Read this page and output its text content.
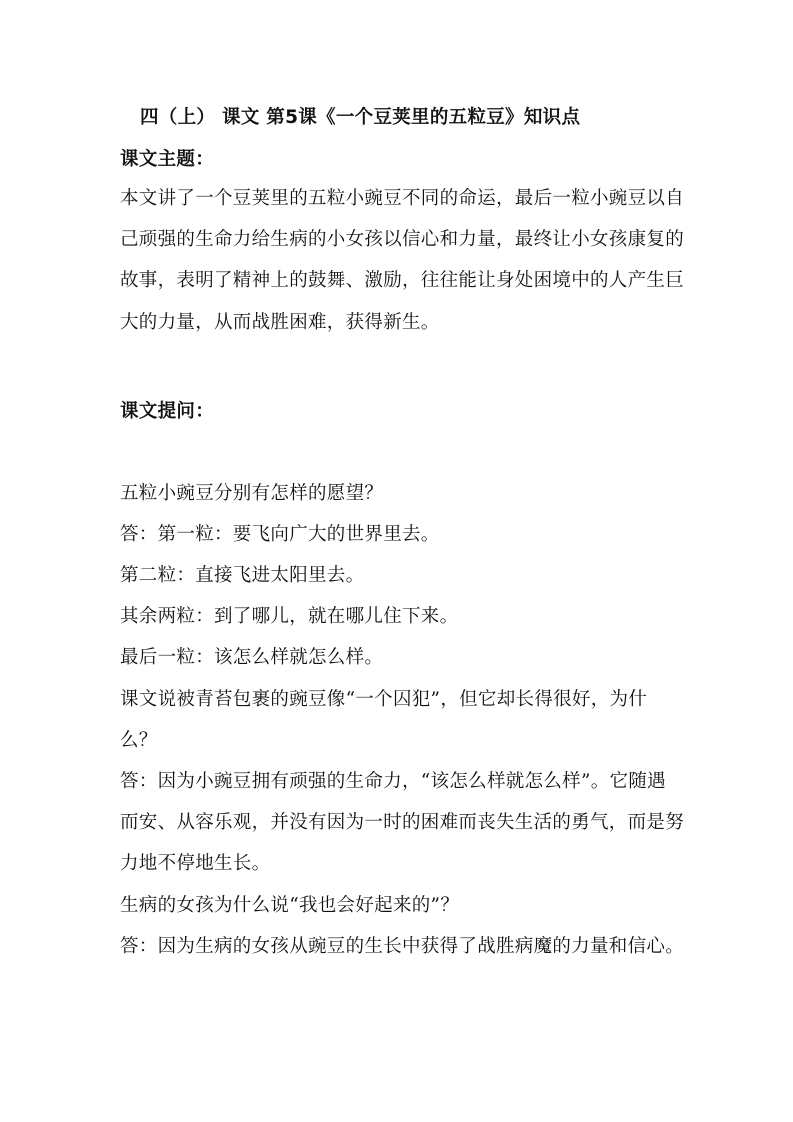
四（上） 课文 第5课《一个豆荚里的五粒豆》知识点
课文主题：
本文讲了一个豆荚里的五粒小豌豆不同的命运，最后一粒小豌豆以自
己顽强的生命力给生病的小女孩以信心和力量，最终让小女孩康复的
故事，表明了精神上的鼓舞、激励，往往能让身处困境中的人产生巨
大的力量，从而战胜困难，获得新生。
课文提问：
五粒小豌豆分别有怎样的愿望？
答：第一粒：要飞向广大的世界里去。
第二粒：直接飞进太阳里去。
其余两粒：到了哪儿，就在哪儿住下来。
最后一粒：该怎么样就怎么样。
课文说被青苔包裹的豌豆像“一个囚犯”，但它却长得很好，为什
么？
答：因为小豌豆拥有顽强的生命力，“该怎么样就怎么样”。它随遇
而安、从容乐观，并没有因为一时的困难而丧失生活的勇气，而是努
力地不停地生长。
生病的女孩为什么说“我也会好起来的”？
答：因为生病的女孩从豌豆的生长中获得了战胜病魔的力量和信心。
